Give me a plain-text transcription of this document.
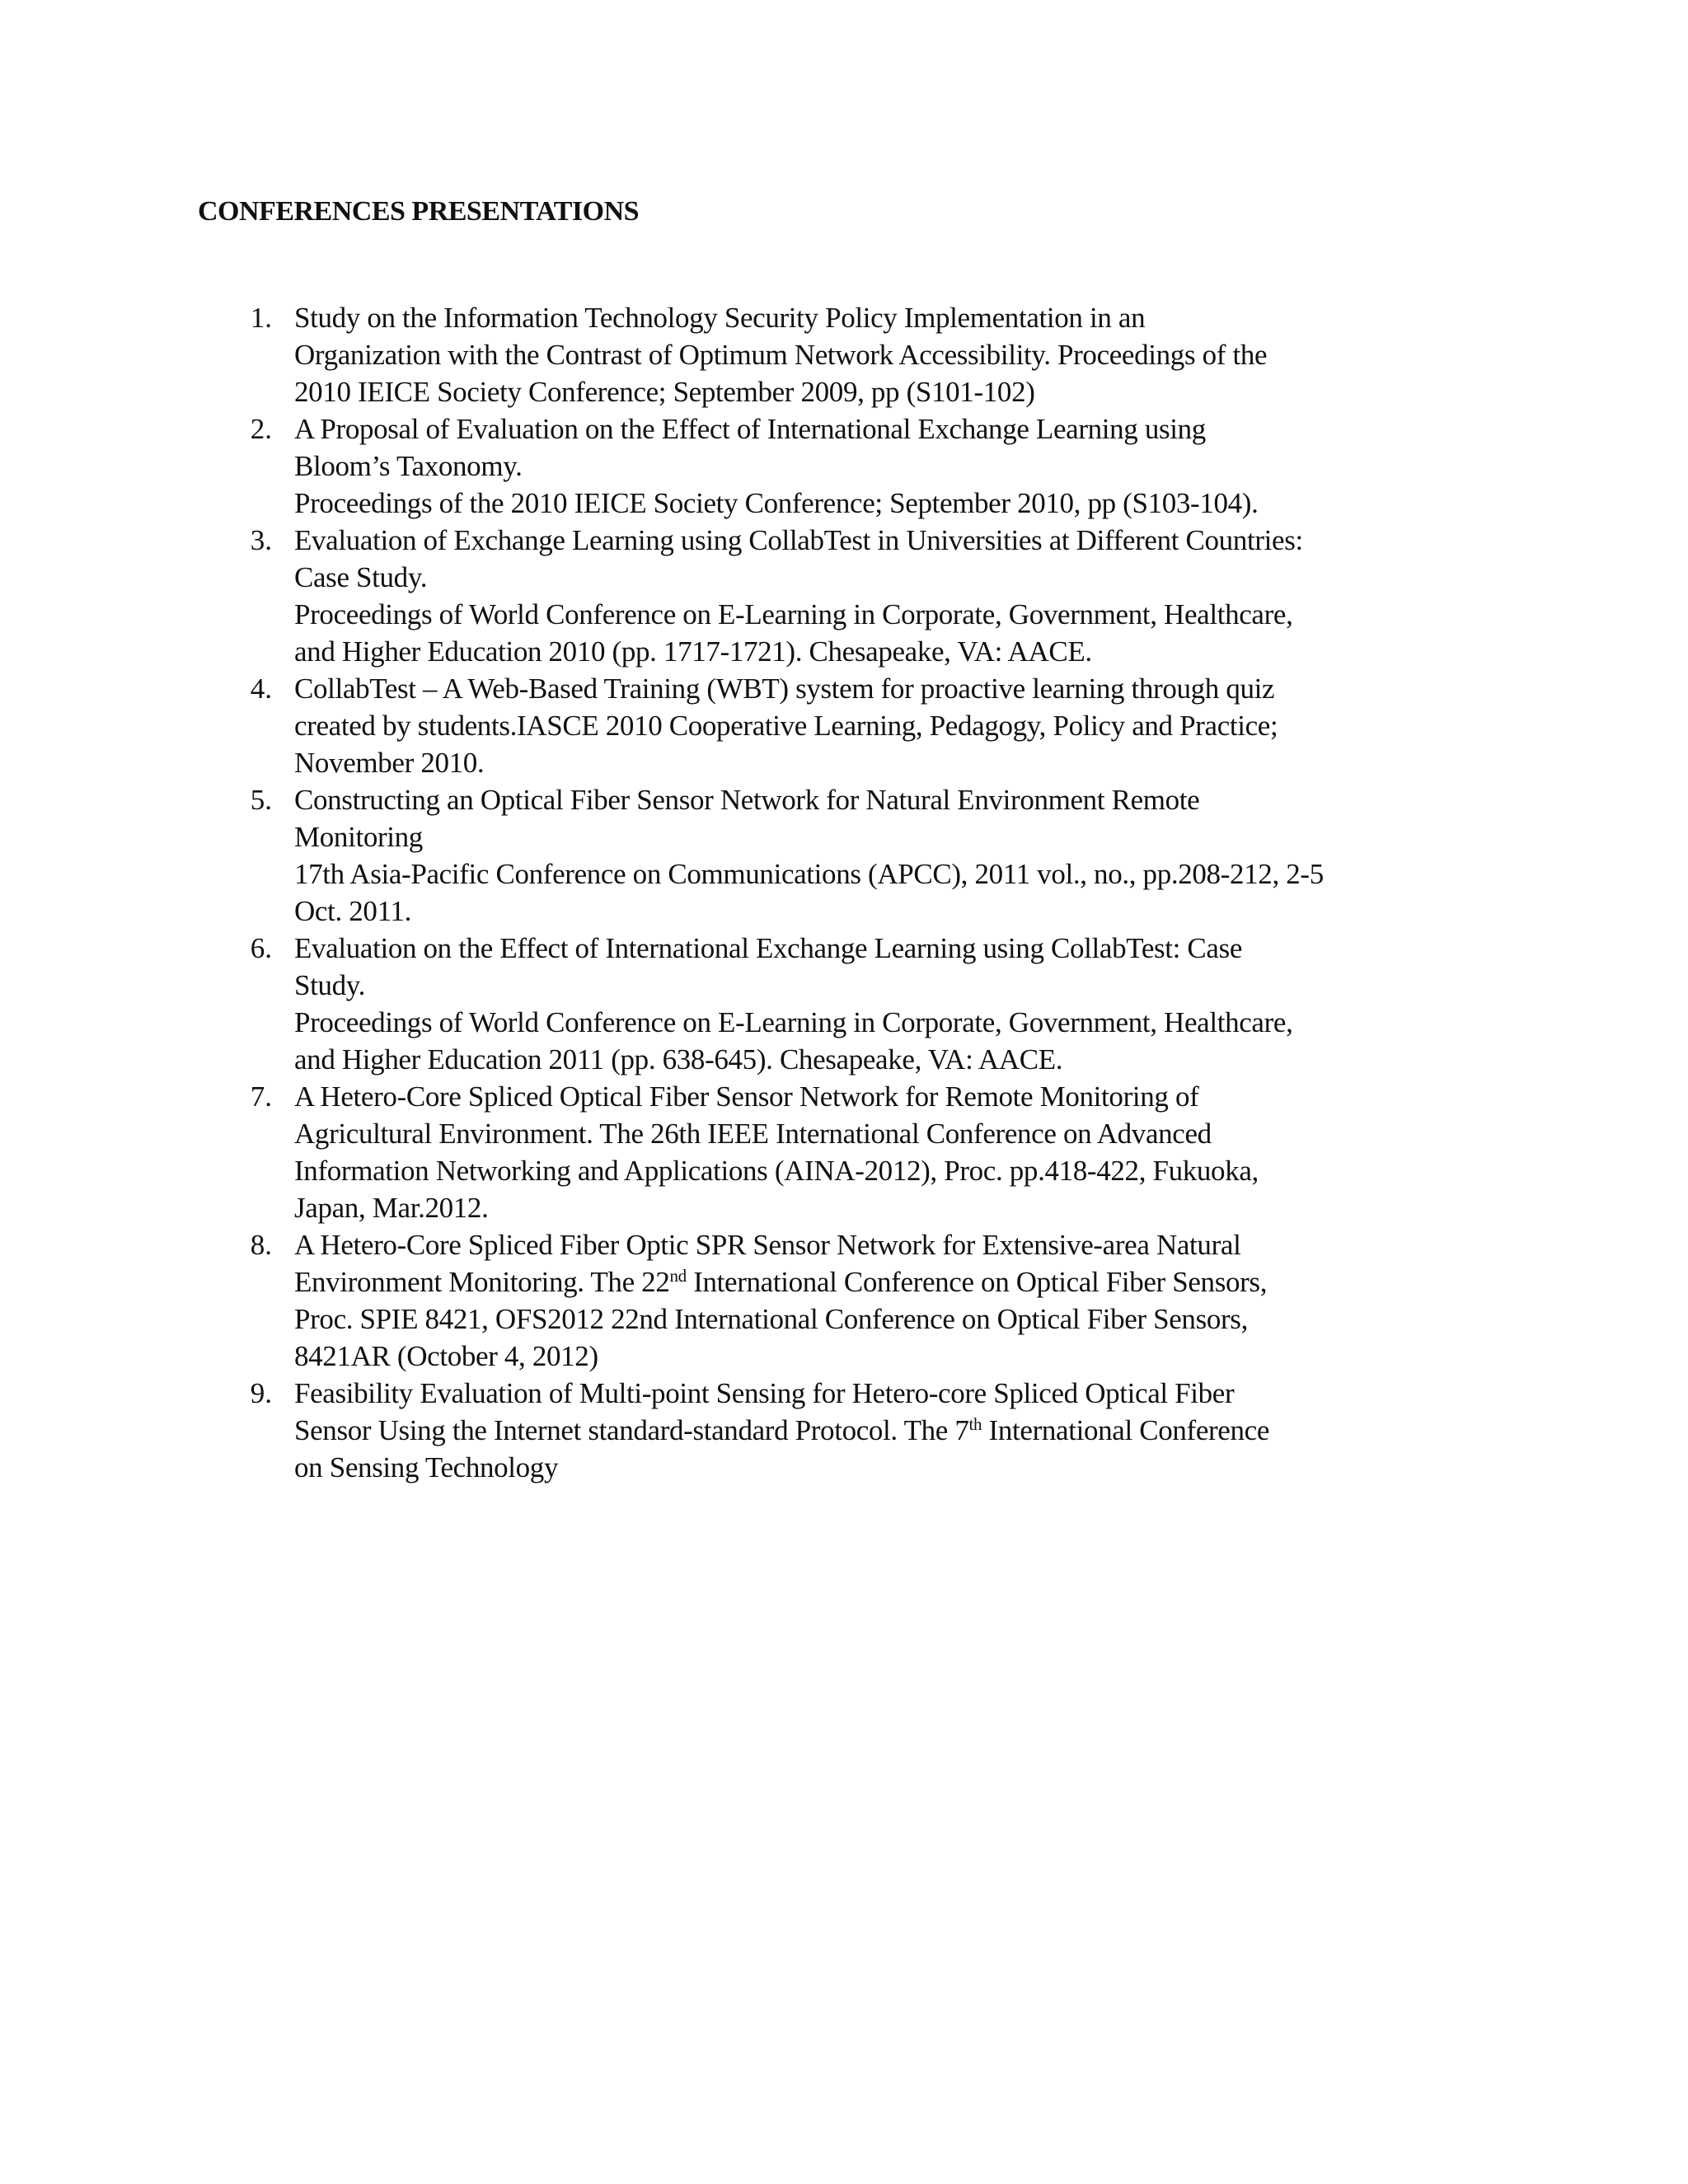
CONFERENCES PRESENTATIONS
1. Study on the Information Technology Security Policy Implementation in an
Organization with the Contrast of Optimum Network Accessibility. Proceedings of the
2010 IEICE Society Conference; September 2009, pp (S101-102)
2. A Proposal of Evaluation on the Effect of International Exchange Learning using
Bloom’s Taxonomy.
Proceedings of the 2010 IEICE Society Conference; September 2010, pp (S103-104).
3. Evaluation of Exchange Learning using CollabTest in Universities at Different Countries:
Case Study.
Proceedings of World Conference on E-Learning in Corporate, Government, Healthcare,
and Higher Education 2010 (pp. 1717-1721). Chesapeake, VA: AACE.
4. CollabTest – A Web-Based Training (WBT) system for proactive learning through quiz
created by students.IASCE 2010 Cooperative Learning, Pedagogy, Policy and Practice;
November 2010.
5. Constructing an Optical Fiber Sensor Network for Natural Environment Remote
Monitoring
17th Asia-Pacific Conference on Communications (APCC), 2011 vol., no., pp.208-212, 2-5
Oct. 2011.
6. Evaluation on the Effect of International Exchange Learning using CollabTest: Case
Study.
Proceedings of World Conference on E-Learning in Corporate, Government, Healthcare,
and Higher Education 2011 (pp. 638-645). Chesapeake, VA: AACE.
7. A Hetero-Core Spliced Optical Fiber Sensor Network for Remote Monitoring of
Agricultural Environment. The 26th IEEE International Conference on Advanced
Information Networking and Applications (AINA-2012), Proc. pp.418-422, Fukuoka,
Japan, Mar.2012.
8. A Hetero-Core Spliced Fiber Optic SPR Sensor Network for Extensive-area Natural
Environment Monitoring. The 22nd International Conference on Optical Fiber Sensors,
Proc. SPIE 8421, OFS2012 22nd International Conference on Optical Fiber Sensors,
8421AR (October 4, 2012)
9. Feasibility Evaluation of Multi-point Sensing for Hetero-core Spliced Optical Fiber
Sensor Using the Internet standard-standard Protocol. The 7th International Conference
on Sensing Technology
